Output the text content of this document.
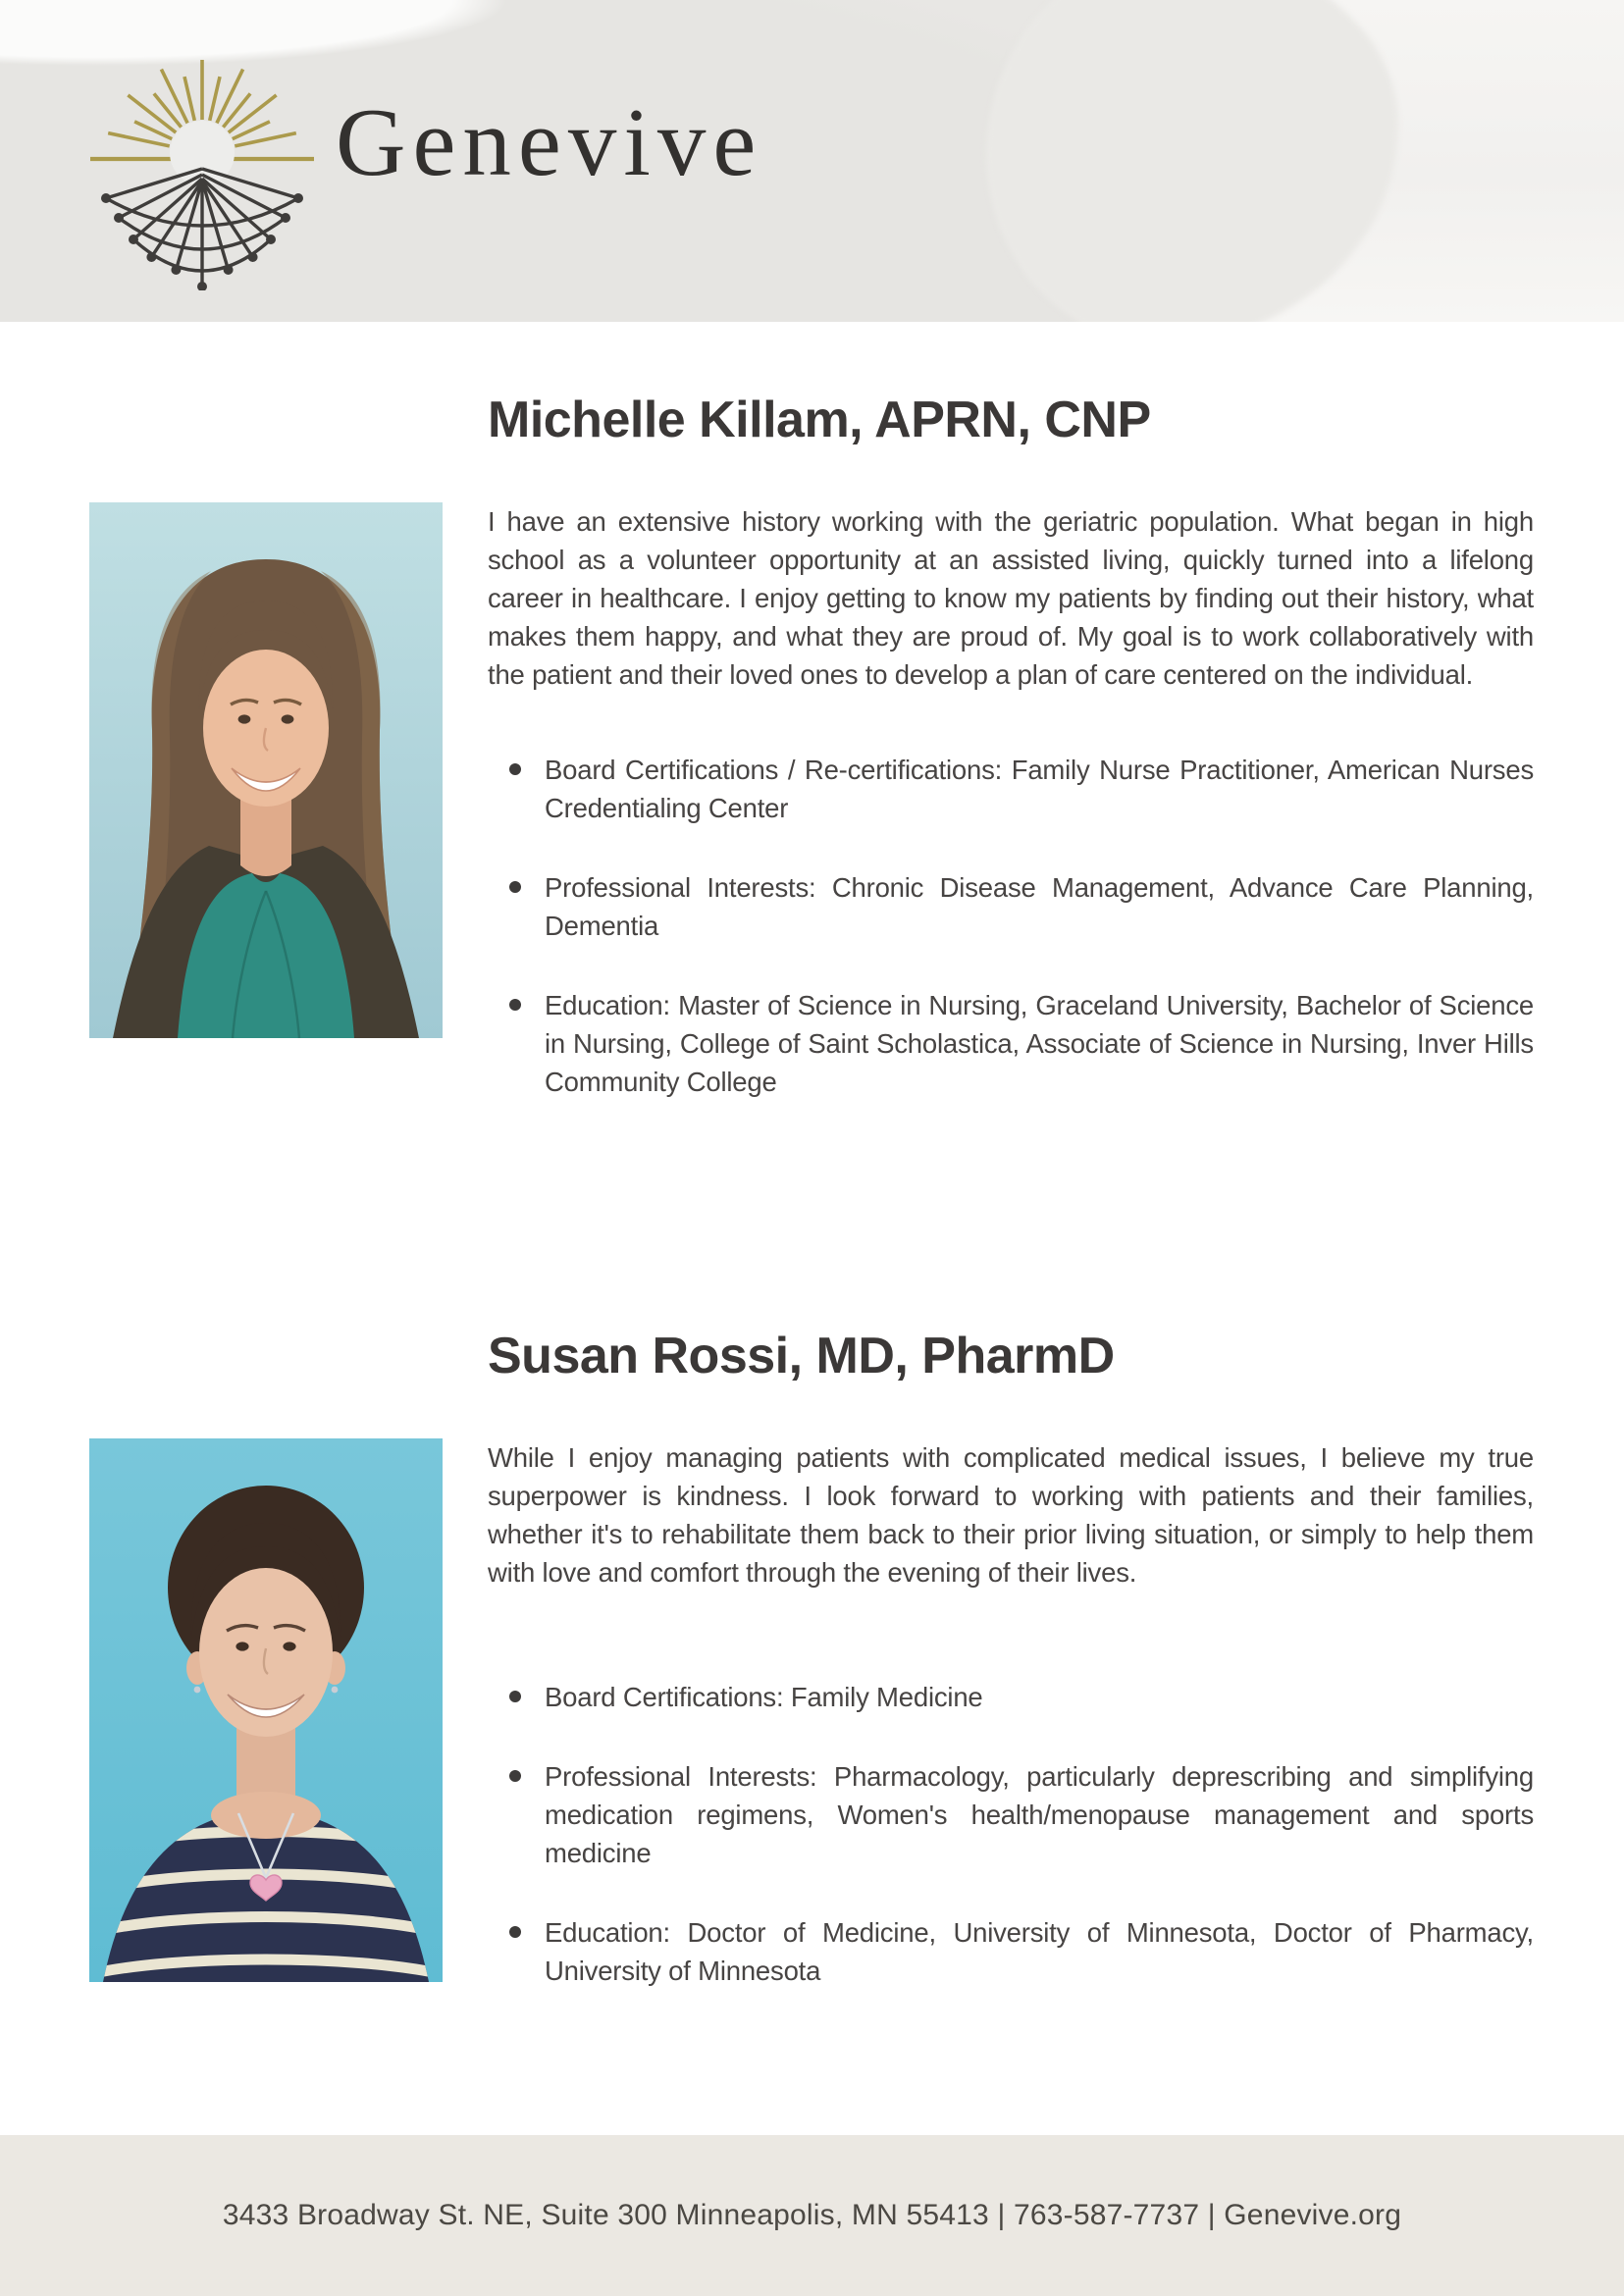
Genevive
Michelle Killam, APRN, CNP

I have an extensive history working with the geriatric population. What began in high school as a volunteer opportunity at an assisted living, quickly turned into a lifelong career in healthcare. I enjoy getting to know my patients by finding out their history, what makes them happy, and what they are proud of. My goal is to work collaboratively with the patient and their loved ones to develop a plan of care centered on the individual.

Board Certifications / Re-certifications: Family Nurse Practitioner, American Nurses Credentialing Center
Professional Interests: Chronic Disease Management, Advance Care Planning, Dementia
Education: Master of Science in Nursing, Graceland University, Bachelor of Science in Nursing, College of Saint Scholastica, Associate of Science in Nursing, Inver Hills Community College
Susan Rossi, MD, PharmD

While I enjoy managing patients with complicated medical issues, I believe my true superpower is kindness. I look forward to working with patients and their families, whether it's to rehabilitate them back to their prior living situation, or simply to help them with love and comfort through the evening of their lives.

Board Certifications: Family Medicine
Professional Interests: Pharmacology, particularly deprescribing and simplifying medication regimens, Women's health/menopause management and sports medicine
Education: Doctor of Medicine, University of Minnesota, Doctor of Pharmacy, University of Minnesota
3433 Broadway St. NE, Suite 300 Minneapolis, MN 55413 | 763-587-7737 | Genevive.org
